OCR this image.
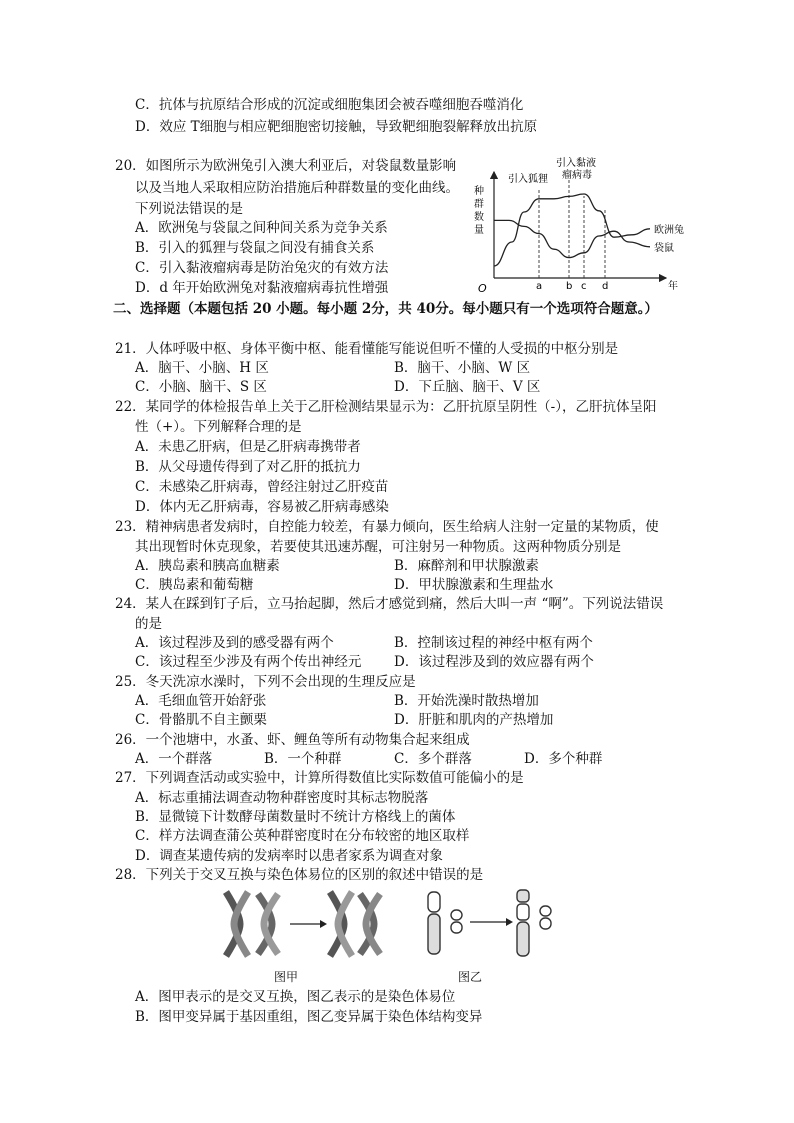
C．抗体与抗原结合形成的沉淀或细胞集团会被吞噬细胞吞噬消化
D．效应 T细胞与相应靶细胞密切接触，导致靶细胞裂解释放出抗原
20．如图所示为欧洲兔引入澳大利亚后，对袋鼠数量影响
以及当地人采取相应防治措施后种群数量的变化曲线。
下列说法错误的是
A．欧洲兔与袋鼠之间种间关系为竞争关系
B．引入的狐狸与袋鼠之间没有捕食关系
C．引入黏液瘤病毒是防治兔灾的有效方法
D．d 年开始欧洲兔对黏液瘤病毒抗性增强
种
群
数
量
年
O	a b c d
欧洲兔
袋鼠
引入狐狸
引入黏液
瘤病毒
二、选择题（本题包括 20 小题。每小题 2分，共 40分。每小题只有一个选项符合题意。）
21．人体呼吸中枢、身体平衡中枢、能看懂能写能说但听不懂的人受损的中枢分别是
A．脑干、小脑、H 区	B．脑干、小脑、W 区
C．小脑、脑干、S 区	D．下丘脑、脑干、V 区
22．某同学的体检报告单上关于乙肝检测结果显示为：乙肝抗原呈阴性（-），乙肝抗体呈阳
性（+）。下列解释合理的是
A．未患乙肝病，但是乙肝病毒携带者
B．从父母遗传得到了对乙肝的抵抗力
C．未感染乙肝病毒，曾经注射过乙肝疫苗
D．体内无乙肝病毒，容易被乙肝病毒感染
23．精神病患者发病时，自控能力较差，有暴力倾向，医生给病人注射一定量的某物质，使
其出现暂时休克现象，若要使其迅速苏醒，可注射另一种物质。这两种物质分别是
A．胰岛素和胰高血糖素	B．麻醉剂和甲状腺激素
C．胰岛素和葡萄糖	D．甲状腺激素和生理盐水
24．某人在踩到钉子后，立马抬起脚，然后才感觉到痛，然后大叫一声 “啊”。下列说法错误
的是
A．该过程涉及到的感受器有两个	B．控制该过程的神经中枢有两个
C．该过程至少涉及有两个传出神经元 D．该过程涉及到的效应器有两个
25．冬天洗凉水澡时，下列不会出现的生理反应是
A．毛细血管开始舒张	B．开始洗澡时散热增加
C．骨骼肌不自主颤栗	D．肝脏和肌肉的产热增加
26．一个池塘中，水蚤、虾、鲤鱼等所有动物集合起来组成
A．一个群落	B．一个种群	C．多个群落	D．多个种群
27．下列调查活动或实验中，计算所得数值比实际数值可能偏小的是
A．标志重捕法调查动物种群密度时其标志物脱落
B．显微镜下计数酵母菌数量时不统计方格线上的菌体
C．样方法调查蒲公英种群密度时在分布较密的地区取样
D．调查某遗传病的发病率时以患者家系为调查对象
28．下列关于交叉互换与染色体易位的区别的叙述中错误的是
图甲	图乙
A．图甲表示的是交叉互换，图乙表示的是染色体易位
B．图甲变异属于基因重组，图乙变异属于染色体结构变异
